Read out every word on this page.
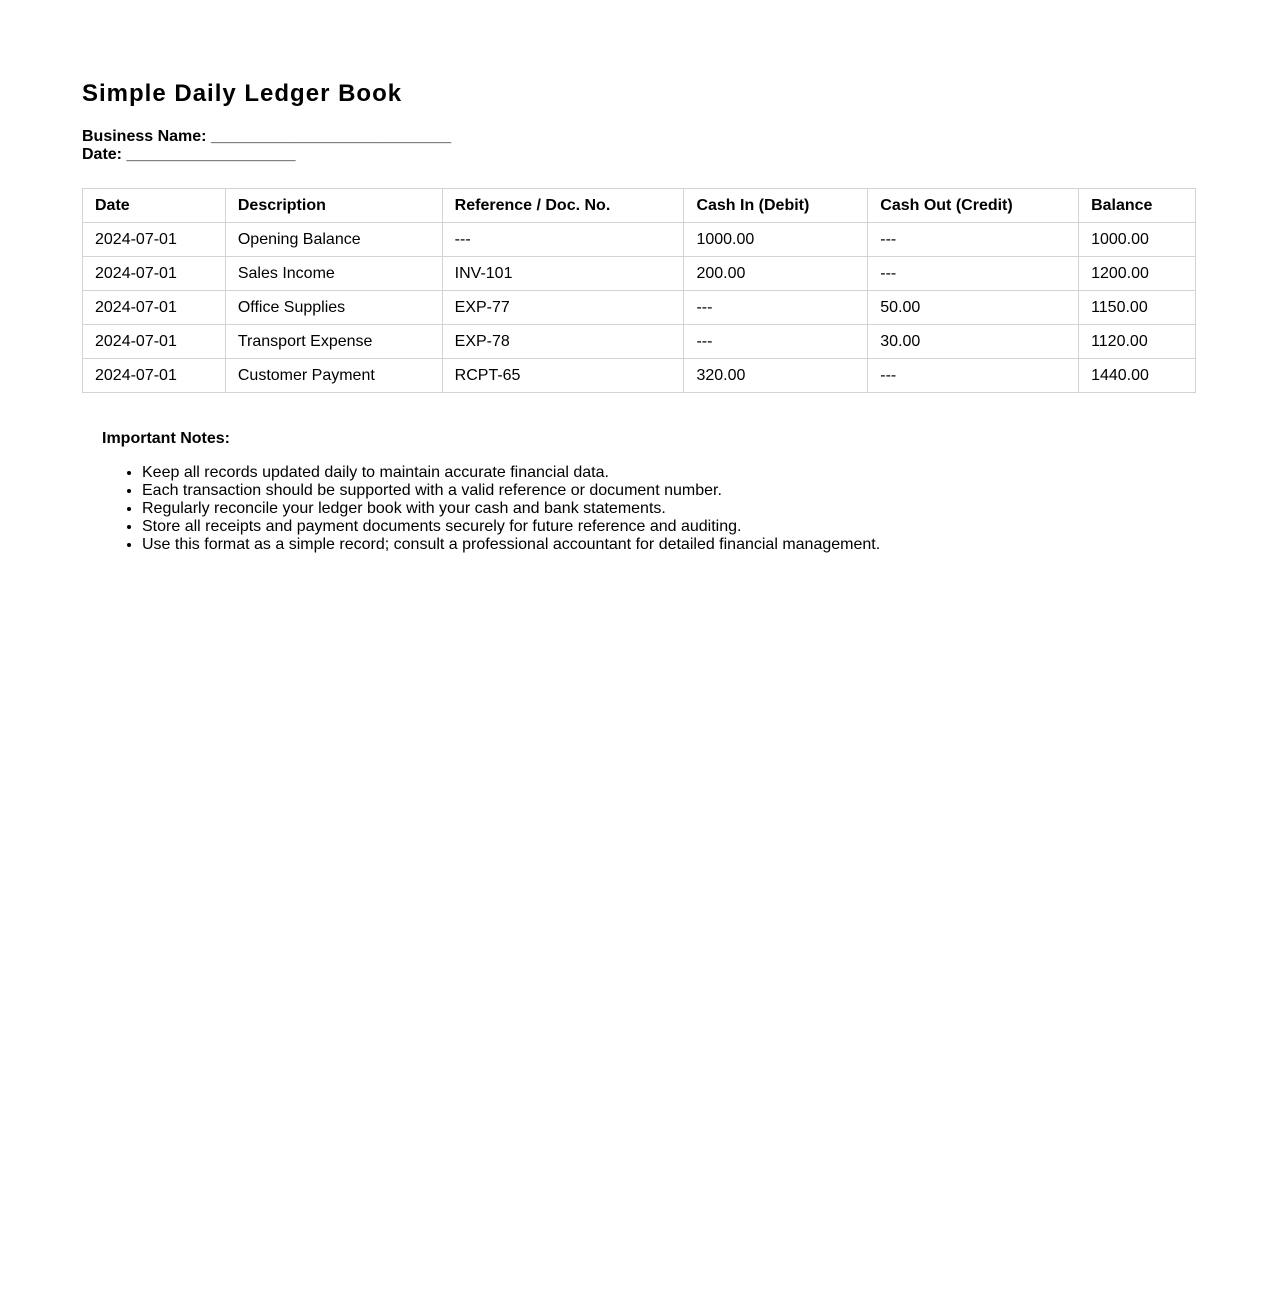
Simple Daily Ledger Book
Business Name: ___________________________
Date: ___________________
Date	Description	Reference / Doc. No.	Cash In (Debit)	Cash Out (Credit)	Balance
2024-07-01	Opening Balance	---	1000.00	---	1000.00
2024-07-01	Sales Income	INV-101	200.00	---	1200.00
2024-07-01	Office Supplies	EXP-77	---	50.00	1150.00
2024-07-01	Transport Expense	EXP-78	---	30.00	1120.00
2024-07-01	Customer Payment	RCPT-65	320.00	---	1440.00

Important Notes:

• Keep all records updated daily to maintain accurate financial data.
• Each transaction should be supported with a valid reference or document number.
• Regularly reconcile your ledger book with your cash and bank statements.
• Store all receipts and payment documents securely for future reference and auditing.
• Use this format as a simple record; consult a professional accountant for detailed financial management.
